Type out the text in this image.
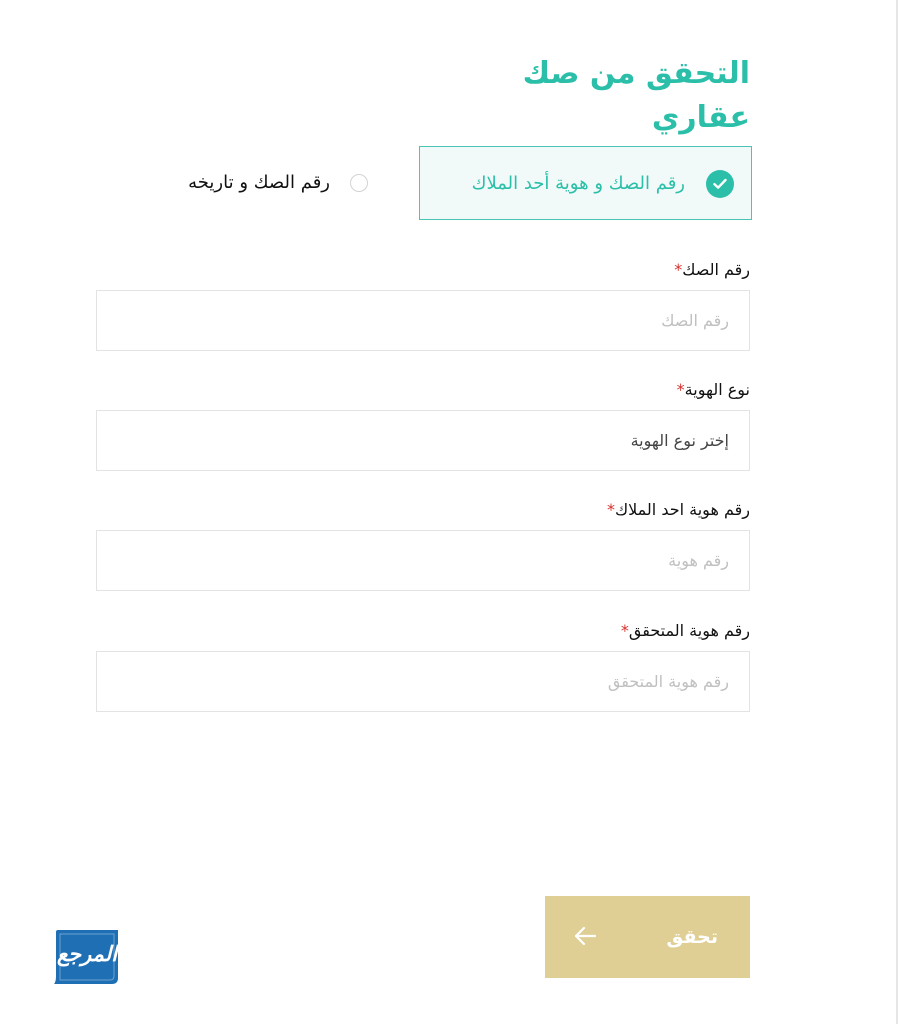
التحقق من صك عقاري
رقم الصك و هوية أحد الملاك
رقم الصك و تاريخه
رقم الصك*
رقم الصك
نوع الهوية*
إختر نوع الهوية
رقم هوية احد الملاك*
رقم هوية
رقم هوية المتحقق*
رقم هوية المتحقق
تحقق
المرجع
